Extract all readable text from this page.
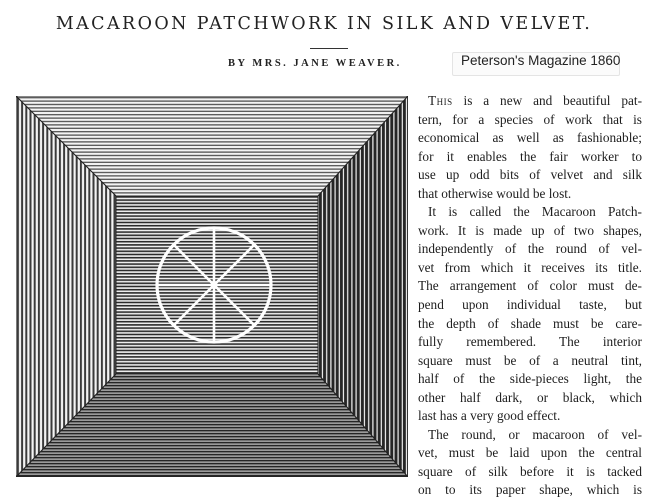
MACAROON PATCHWORK IN SILK AND VELVET.
BY MRS. JANE WEAVER.	Peterson's Magazine 1860
This is a new and beautiful pat-
tern, for a species of work that is
economical as well as fashionable;
for it enables the fair worker to
use up odd bits of velvet and silk
that otherwise would be lost.
It is called the Macaroon Patch-
work. It is made up of two shapes,
independently of the round of vel-
vet from which it receives its title.
The arrangement of color must de-
pend upon individual taste, but
the depth of shade must be care-
fully remembered. The interior
square must be of a neutral tint,
half of the side-pieces light, the
other half dark, or black, which
last has a very good effect.
The round, or macaroon of vel-
vet, must be laid upon the central
square of silk before it is tacked
on to its paper shape, which is
